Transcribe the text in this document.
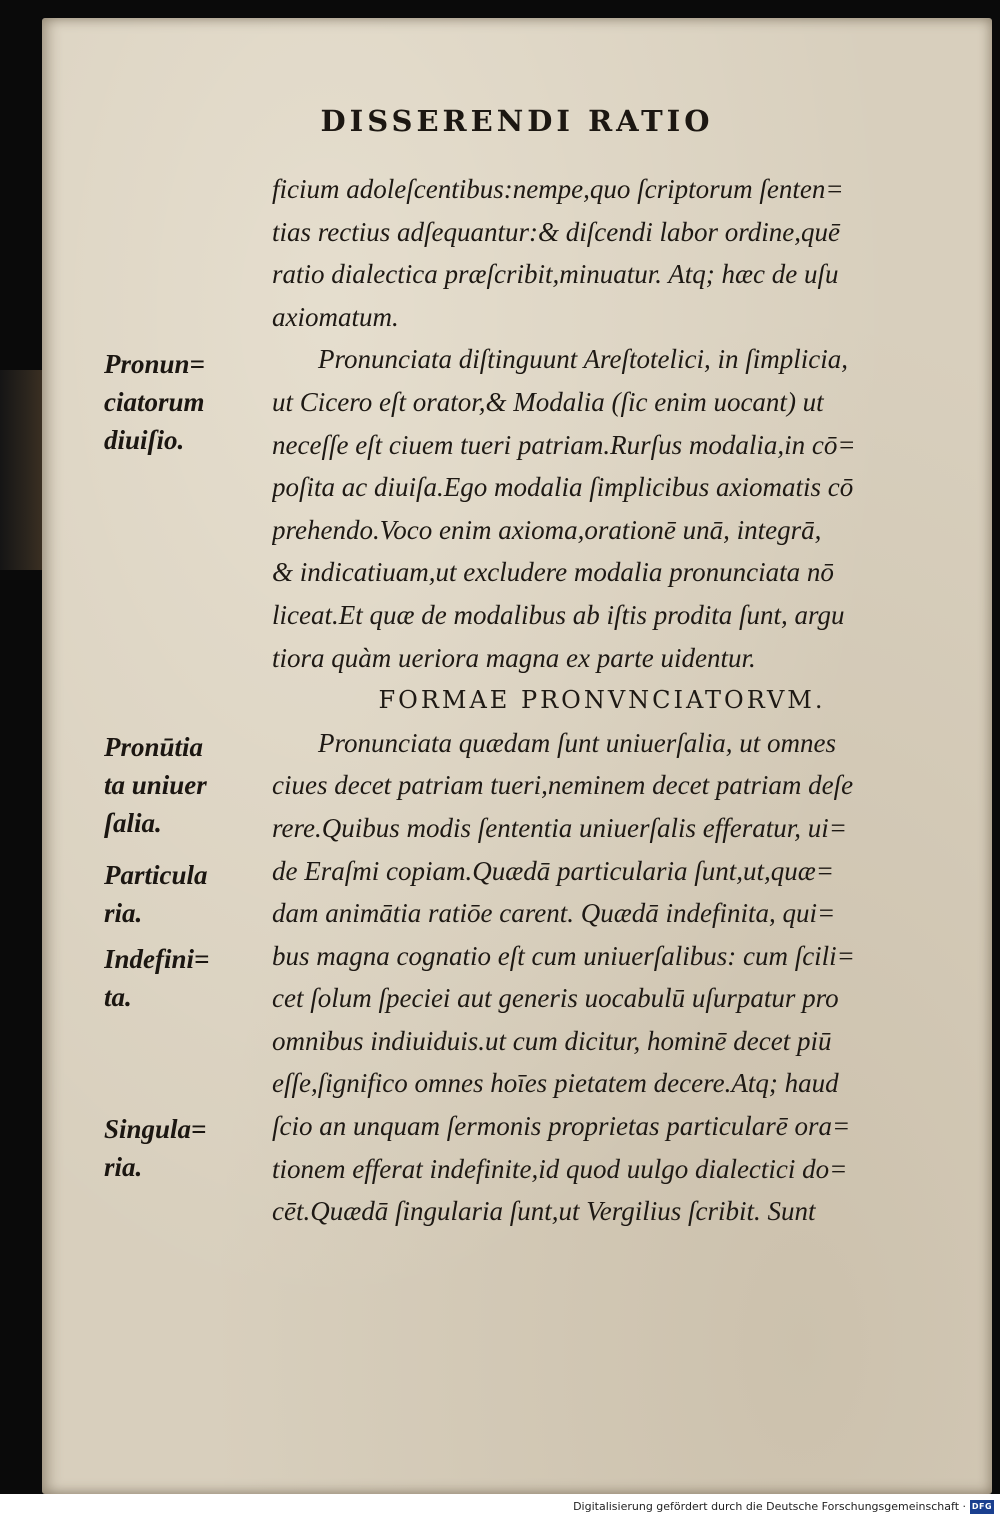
DISSERENDI RATIO
Pronun=
ciatorum
diuiſio.
Pronūtia
ta uniuer
ſalia.
Particula
ria.
Indefini=
ta.
Singula=
ria.
ficium adoleſcentibus:nempe,quo ſcriptorum ſenten=
tias rectius adſequantur:& diſcendi labor ordine,quē
ratio dialectica præſcribit,minuatur. Atq; hæc de uſu
axiomatum.
Pronunciata diſtinguunt Areſtotelici, in ſimplicia,
ut Cicero eſt orator,& Modalia (ſic enim uocant) ut
neceſſe eſt ciuem tueri patriam.Rurſus modalia,in cō=
poſita ac diuiſa.Ego modalia ſimplicibus axiomatis cō
prehendo.Voco enim axioma,orationē unā, integrā,
& indicatiuam,ut excludere modalia pronunciata nō
liceat.Et quæ de modalibus ab iſtis prodita ſunt, argu
tiora quàm ueriora magna ex parte uidentur.
FORMAE PRONVNCIATORVM.
Pronunciata quædam ſunt uniuerſalia, ut omnes
ciues decet patriam tueri,neminem decet patriam deſe
rere.Quibus modis ſententia uniuerſalis efferatur, ui=
de Eraſmi copiam.Quædā particularia ſunt,ut,quæ=
dam animātia ratiōe carent. Quædā indefinita, qui=
bus magna cognatio eſt cum uniuerſalibus: cum ſcili=
cet ſolum ſpeciei aut generis uocabulū uſurpatur pro
omnibus indiuiduis.ut cum dicitur, hominē decet piū
eſſe,ſignifico omnes hoīes pietatem decere.Atq; haud
ſcio an unquam ſermonis proprietas particularē ora=
tionem efferat indefinite,id quod uulgo dialectici do=
cēt.Quædā ſingularia ſunt,ut Vergilius ſcribit. Sunt
Digitalisierung gefördert durch die Deutsche Forschungsgemeinschaft · DFG
